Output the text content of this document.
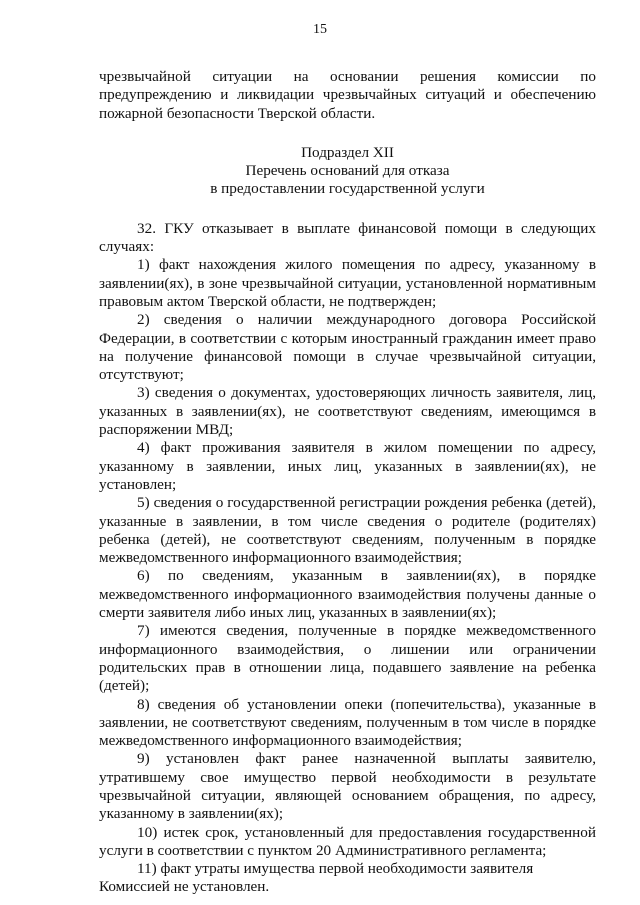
15

чрезвычайной ситуации на основании решения комиссии по предупреждению и ликвидации чрезвычайных ситуаций и обеспечению пожарной безопасности Тверской области.

Подраздел XII
Перечень оснований для отказа
в предоставлении государственной услуги

32. ГКУ отказывает в выплате финансовой помощи в следующих случаях:

1) факт нахождения жилого помещения по адресу, указанному в заявлении(ях), в зоне чрезвычайной ситуации, установленной нормативным правовым актом Тверской области, не подтвержден;

2) сведения о наличии международного договора Российской Федерации, в соответствии с которым иностранный гражданин имеет право на получение финансовой помощи в случае чрезвычайной ситуации, отсутствуют;

3) сведения о документах, удостоверяющих личность заявителя, лиц, указанных в заявлении(ях), не соответствуют сведениям, имеющимся в распоряжении МВД;

4) факт проживания заявителя в жилом помещении по адресу, указанному в заявлении, иных лиц, указанных в заявлении(ях), не установлен;

5) сведения о государственной регистрации рождения ребенка (детей), указанные в заявлении, в том числе сведения о родителе (родителях) ребенка (детей), не соответствуют сведениям, полученным в порядке межведомственного информационного взаимодействия;

6) по сведениям, указанным в заявлении(ях), в порядке межведомственного информационного взаимодействия получены данные о смерти заявителя либо иных лиц, указанных в заявлении(ях);

7) имеются сведения, полученные в порядке межведомственного информационного взаимодействия, о лишении или ограничении родительских прав в отношении лица, подавшего заявление на ребенка (детей);

8) сведения об установлении опеки (попечительства), указанные в заявлении, не соответствуют сведениям, полученным в том числе в порядке межведомственного информационного взаимодействия;

9) установлен факт ранее назначенной выплаты заявителю, утратившему свое имущество первой необходимости в результате чрезвычайной ситуации, являющей основанием обращения, по адресу, указанному в заявлении(ях);

10) истек срок, установленный для предоставления государственной услуги в соответствии с пунктом 20 Административного регламента;

11) факт утраты имущества первой необходимости заявителя Комиссией не установлен.
